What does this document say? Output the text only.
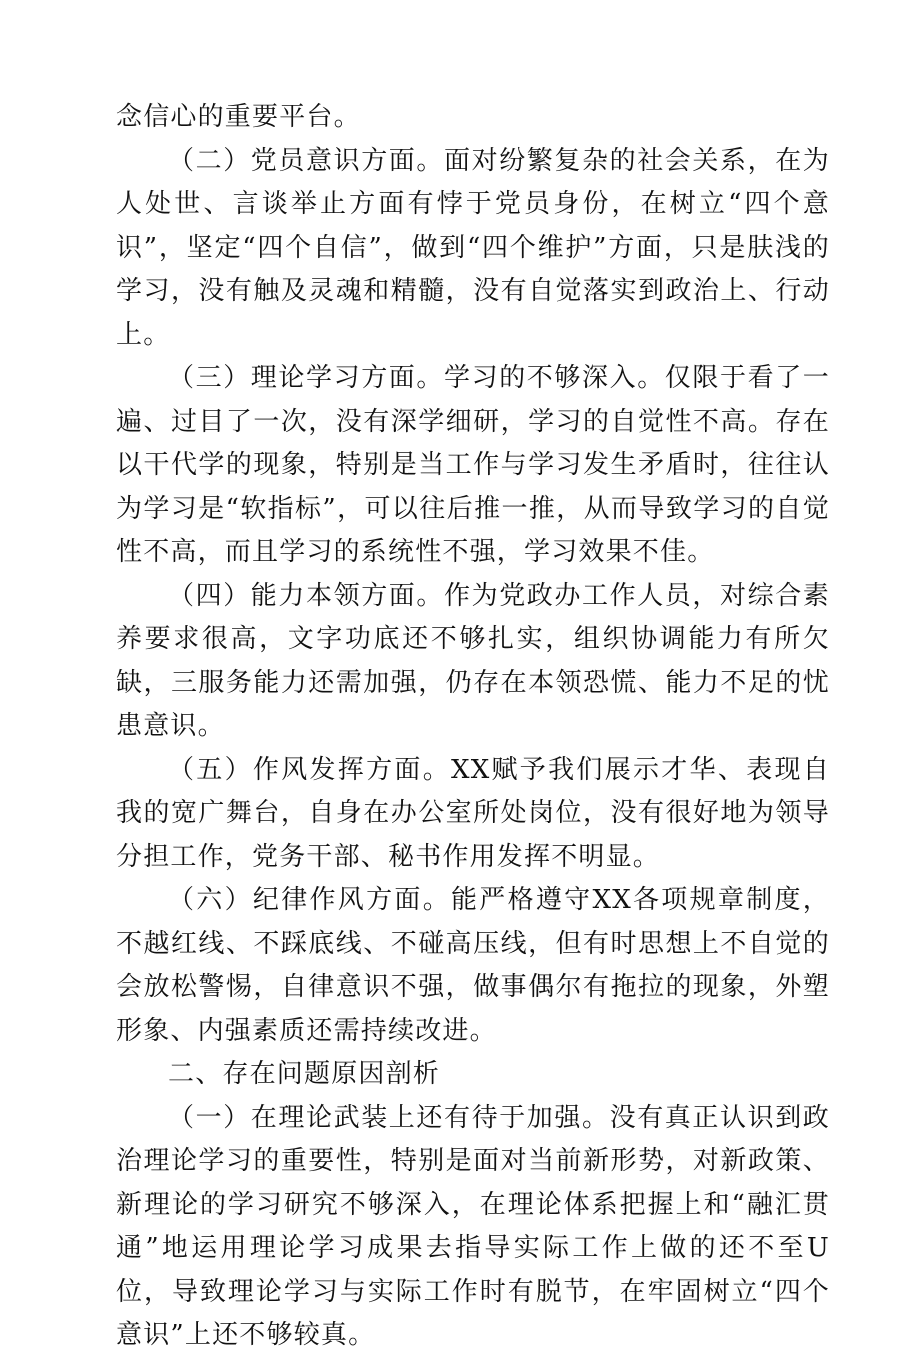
念信心的重要平台。

（二）党员意识方面。面对纷繁复杂的社会关系，在为人处世、言谈举止方面有悖于党员身份，在树立“四个意识”，坚定“四个自信”，做到“四个维护”方面，只是肤浅的学习，没有触及灵魂和精髓，没有自觉落实到政治上、行动上。

（三）理论学习方面。学习的不够深入。仅限于看了一遍、过目了一次，没有深学细研，学习的自觉性不高。存在以干代学的现象，特别是当工作与学习发生矛盾时，往往认为学习是“软指标”，可以往后推一推，从而导致学习的自觉性不高，而且学习的系统性不强，学习效果不佳。

（四）能力本领方面。作为党政办工作人员，对综合素养要求很高，文字功底还不够扎实，组织协调能力有所欠缺，三服务能力还需加强，仍存在本领恐慌、能力不足的忧患意识。

（五）作风发挥方面。XX赋予我们展示才华、表现自我的宽广舞台，自身在办公室所处岗位，没有很好地为领导分担工作，党务干部、秘书作用发挥不明显。

（六）纪律作风方面。能严格遵守XX各项规章制度，不越红线、不踩底线、不碰高压线，但有时思想上不自觉的会放松警惕，自律意识不强，做事偶尔有拖拉的现象，外塑形象、内强素质还需持续改进。

二、存在问题原因剖析

（一）在理论武装上还有待于加强。没有真正认识到政治理论学习的重要性，特别是面对当前新形势，对新政策、新理论的学习研究不够深入，在理论体系把握上和“融汇贯通”地运用理论学习成果去指导实际工作上做的还不至U位，导致理论学习与实际工作时有脱节，在牢固树立“四个意识”上还不够较真。
